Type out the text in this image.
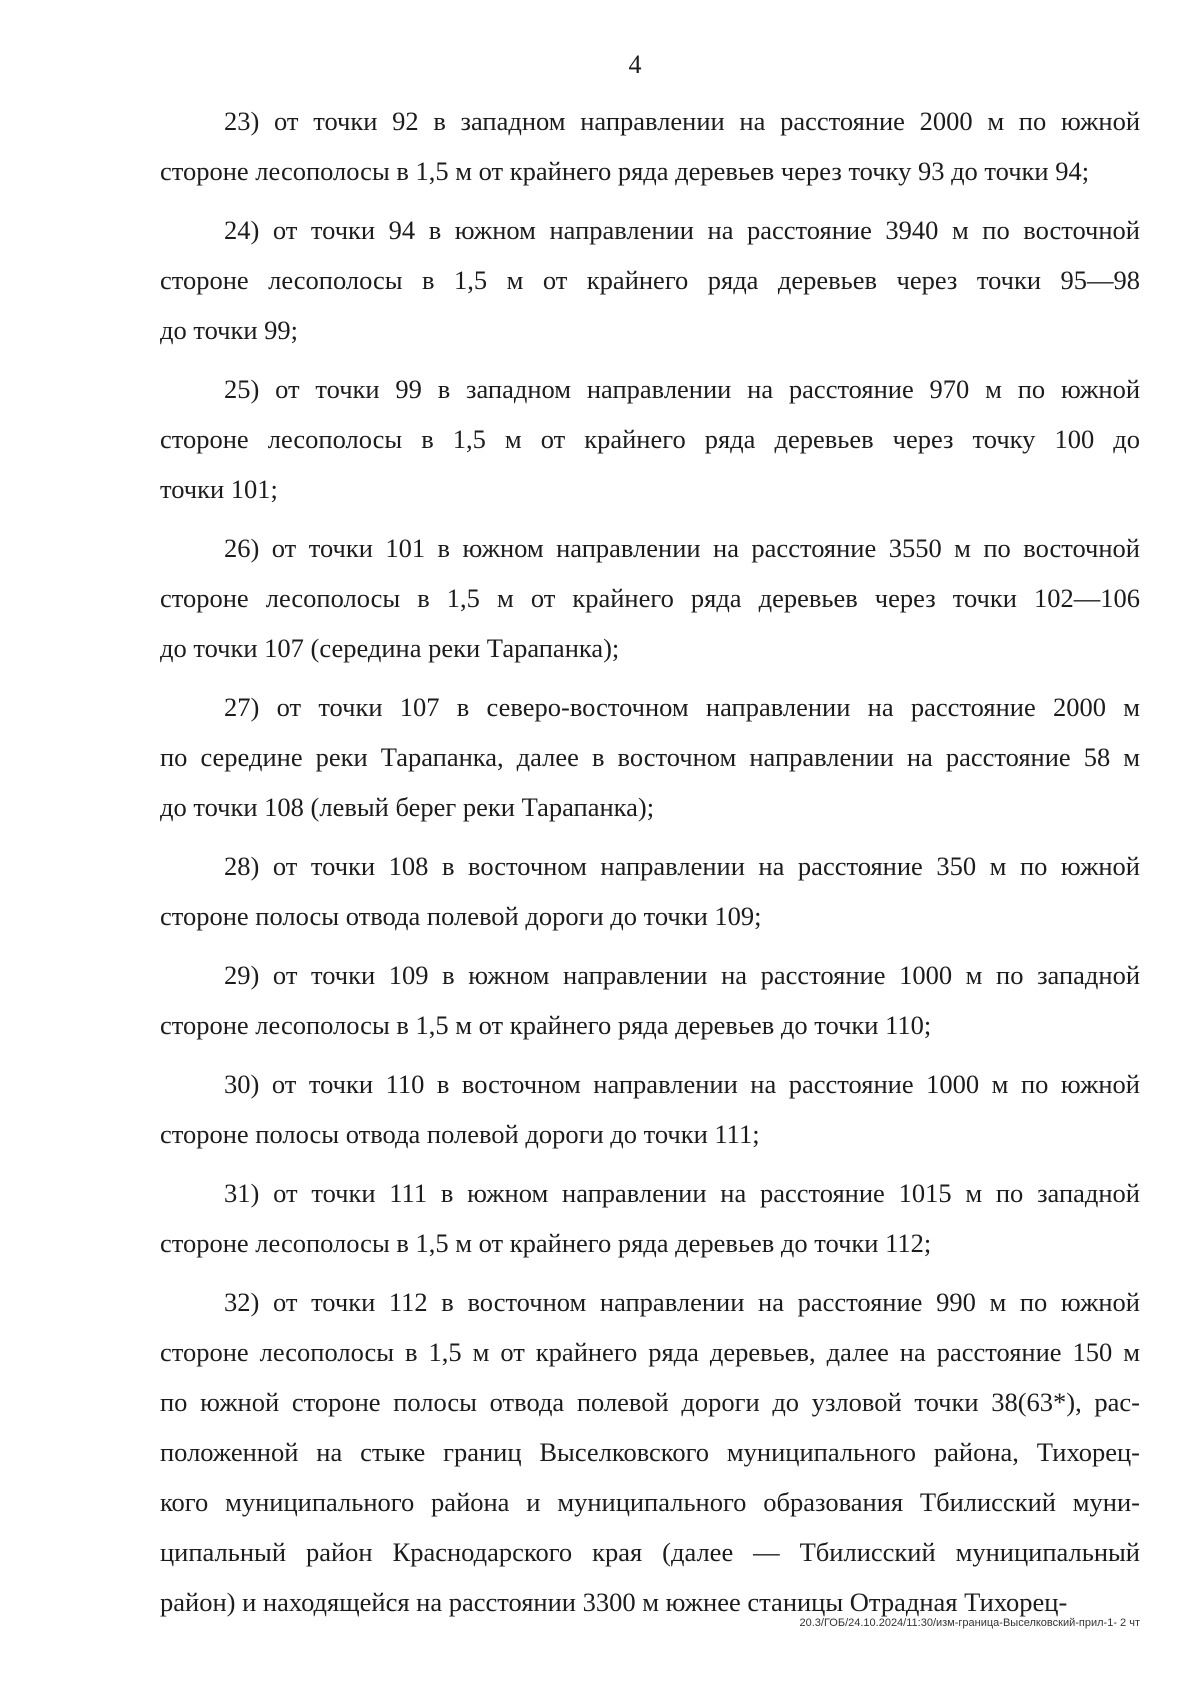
4

23) от точки 92 в западном направлении на расстояние 2000 м по южной
стороне лесополосы в 1,5 м от крайнего ряда деревьев через точку 93 до точки 94;

24) от точки 94 в южном направлении на расстояние 3940 м по восточной
стороне лесополосы в 1,5 м от крайнего ряда деревьев через точки 95—98
до точки 99;

25) от точки 99 в западном направлении на расстояние 970 м по южной
стороне лесополосы в 1,5 м от крайнего ряда деревьев через точку 100 до
точки 101;

26) от точки 101 в южном направлении на расстояние 3550 м по восточной
стороне лесополосы в 1,5 м от крайнего ряда деревьев через точки 102—106
до точки 107 (середина реки Тарапанка);

27) от точки 107 в северо-восточном направлении на расстояние 2000 м
по середине реки Тарапанка, далее в восточном направлении на расстояние 58 м
до точки 108 (левый берег реки Тарапанка);

28) от точки 108 в восточном направлении на расстояние 350 м по южной
стороне полосы отвода полевой дороги до точки 109;

29) от точки 109 в южном направлении на расстояние 1000 м по западной
стороне лесополосы в 1,5 м от крайнего ряда деревьев до точки 110;

30) от точки 110 в восточном направлении на расстояние 1000 м по южной
стороне полосы отвода полевой дороги до точки 111;

31) от точки 111 в южном направлении на расстояние 1015 м по западной
стороне лесополосы в 1,5 м от крайнего ряда деревьев до точки 112;

32) от точки 112 в восточном направлении на расстояние 990 м по южной
стороне лесополосы в 1,5 м от крайнего ряда деревьев, далее на расстояние 150 м
по южной стороне полосы отвода полевой дороги до узловой точки 38(63*), рас-
положенной на стыке границ Выселковского муниципального района, Тихорец-
кого муниципального района и муниципального образования Тбилисский муни-
ципальный район Краснодарского края (далее — Тбилисский муниципальный
район) и находящейся на расстоянии 3300 м южнее станицы Отрадная Тихорец-

20.3/ГОБ/24.10.2024/11:30/изм-граница-Выселковский-прил-1- 2 чт
